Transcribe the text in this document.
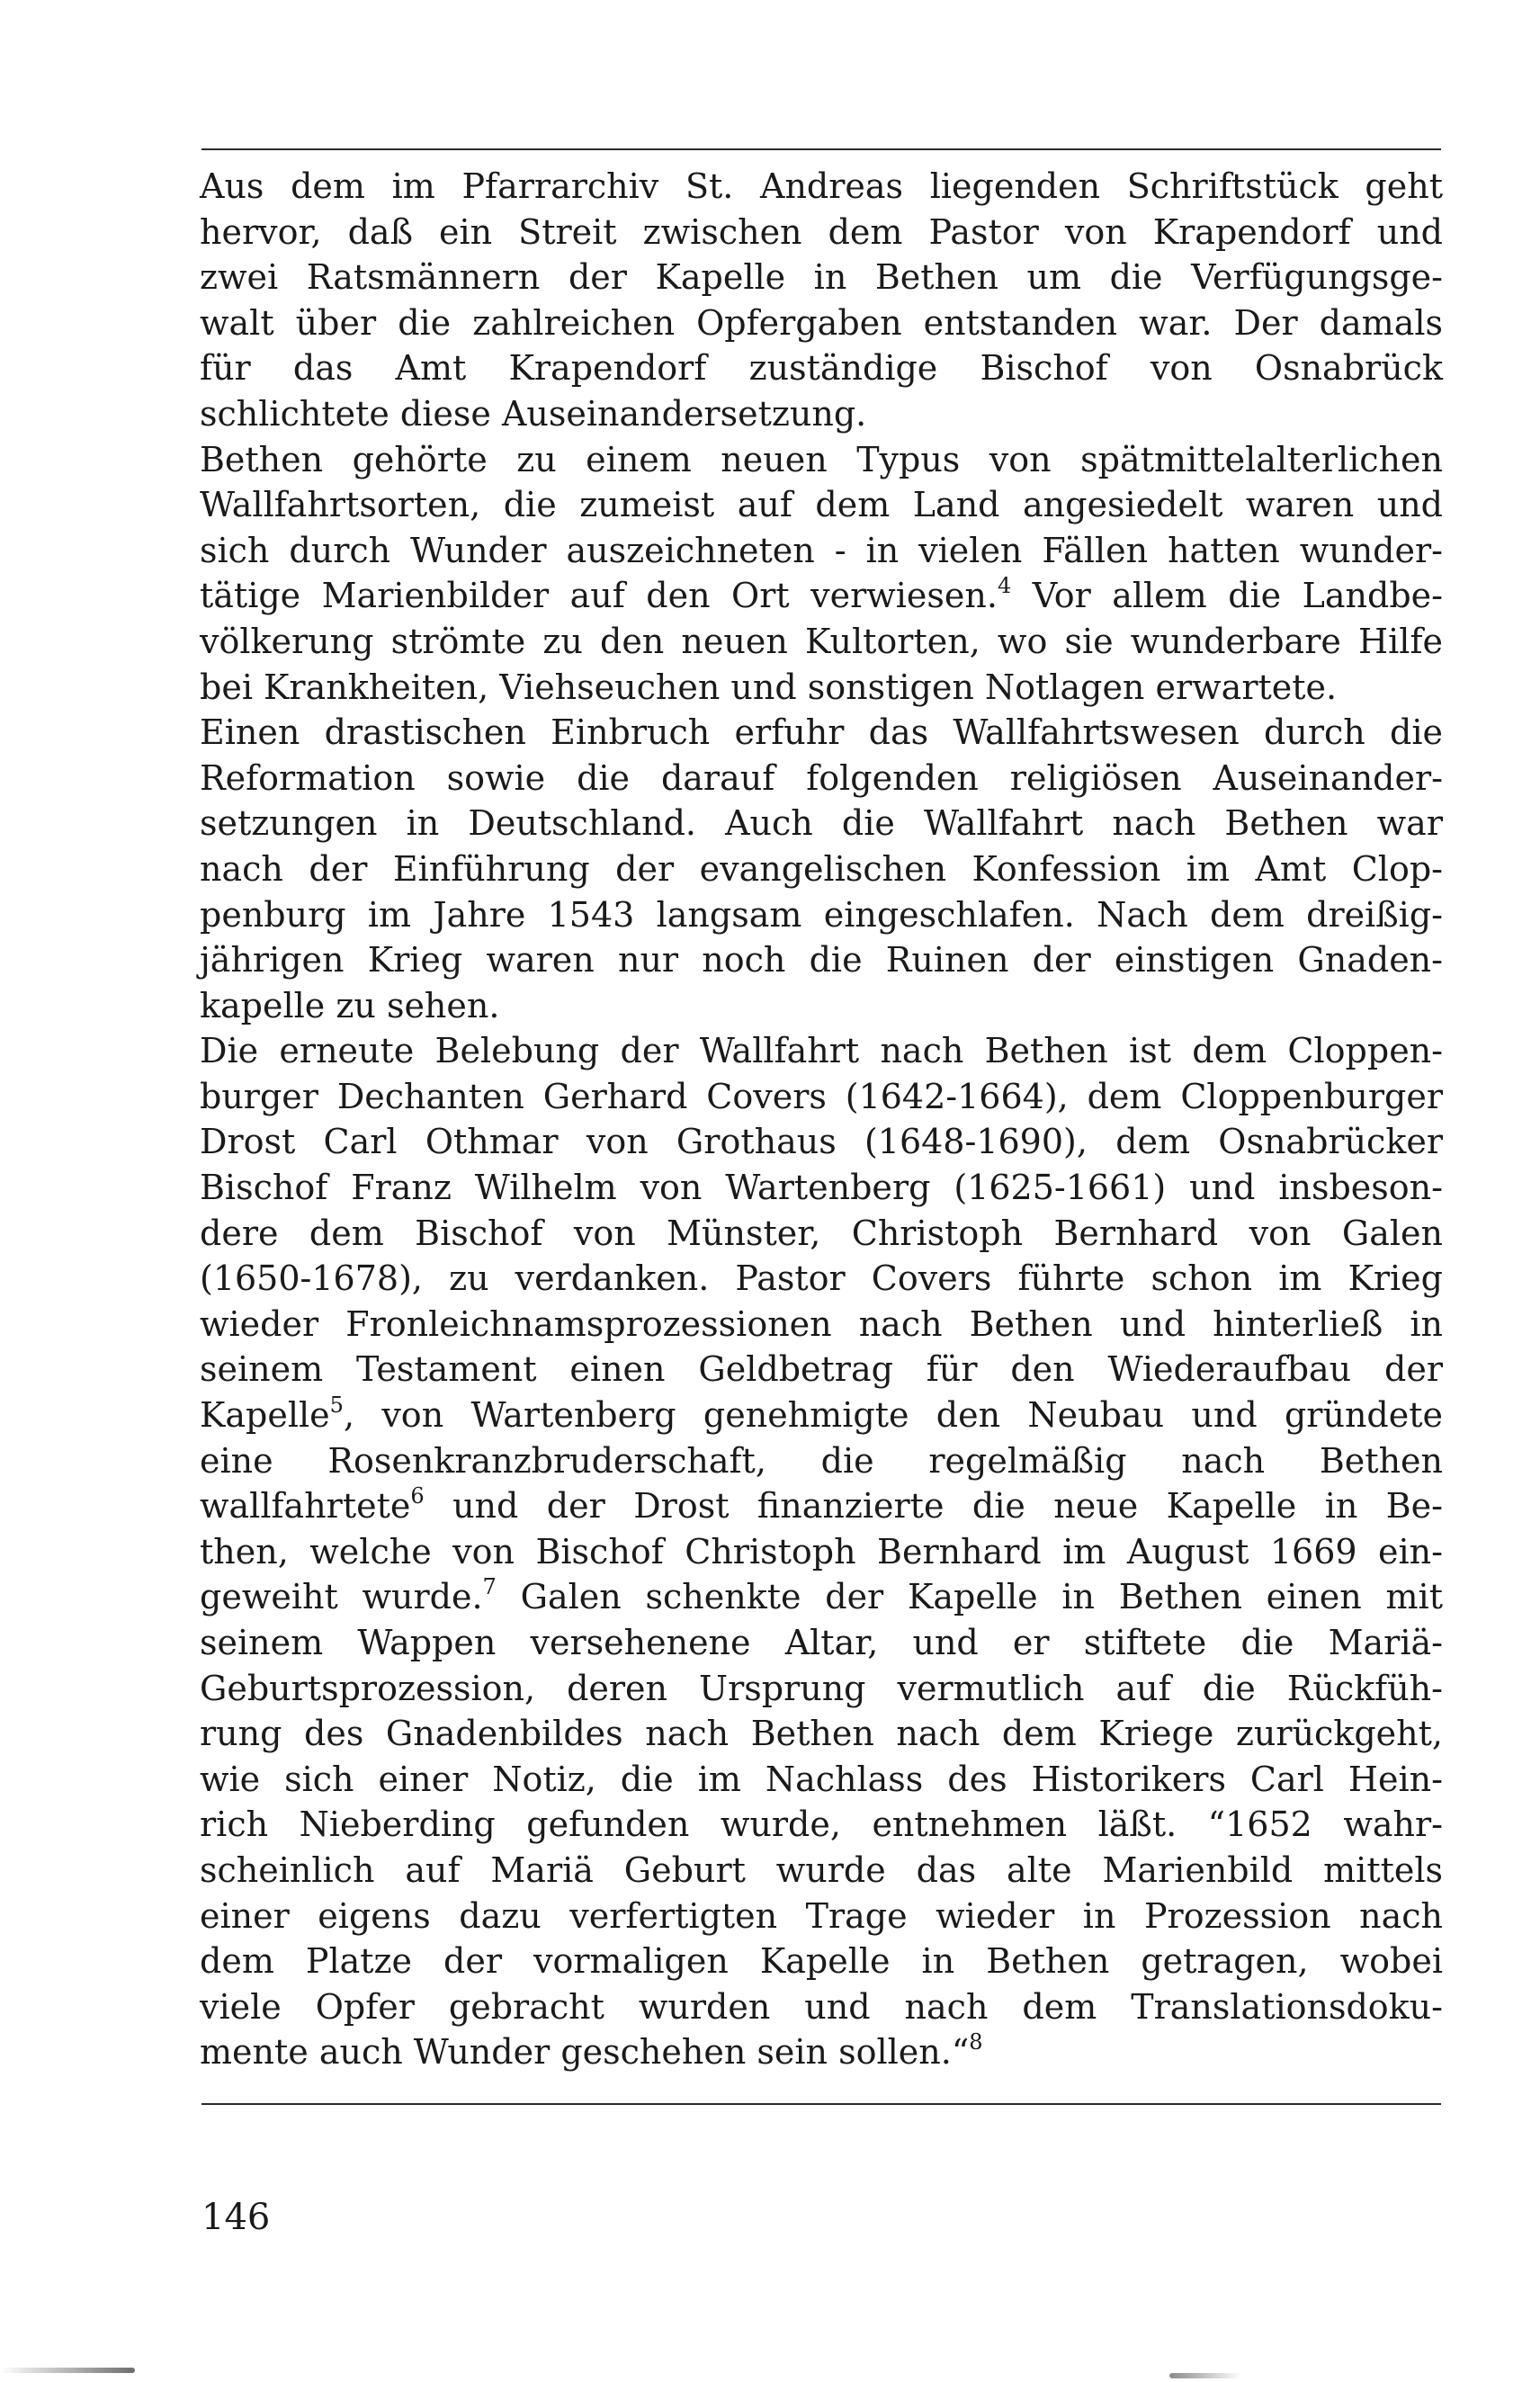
Aus dem im Pfarrarchiv St. Andreas liegenden Schriftstück geht
hervor, daß ein Streit zwischen dem Pastor von Krapendorf und
zwei Ratsmännern der Kapelle in Bethen um die Verfügungsge-
walt über die zahlreichen Opfergaben entstanden war. Der damals
für das Amt Krapendorf zuständige Bischof von Osnabrück
schlichtete diese Auseinandersetzung.
Bethen gehörte zu einem neuen Typus von spätmittelalterlichen
Wallfahrtsorten, die zumeist auf dem Land angesiedelt waren und
sich durch Wunder auszeichneten - in vielen Fällen hatten wunder-
tätige Marienbilder auf den Ort verwiesen.$^4$ Vor allem die Landbe-
völkerung strömte zu den neuen Kultorten, wo sie wunderbare Hilfe
bei Krankheiten, Viehseuchen und sonstigen Notlagen erwartete.
Einen drastischen Einbruch erfuhr das Wallfahrtswesen durch die
Reformation sowie die darauf folgenden religiösen Auseinander-
setzungen in Deutschland. Auch die Wallfahrt nach Bethen war
nach der Einführung der evangelischen Konfession im Amt Clop-
penburg im Jahre 1543 langsam eingeschlafen. Nach dem dreißig-
jährigen Krieg waren nur noch die Ruinen der einstigen Gnaden-
kapelle zu sehen.
Die erneute Belebung der Wallfahrt nach Bethen ist dem Cloppen-
burger Dechanten Gerhard Covers (1642-1664), dem Cloppenburger
Drost Carl Othmar von Grothaus (1648-1690), dem Osnabrücker
Bischof Franz Wilhelm von Wartenberg (1625-1661) und insbeson-
dere dem Bischof von Münster, Christoph Bernhard von Galen
(1650-1678), zu verdanken. Pastor Covers führte schon im Krieg
wieder Fronleichnamsprozessionen nach Bethen und hinterließ in
seinem Testament einen Geldbetrag für den Wiederaufbau der
Kapelle$^5$, von Wartenberg genehmigte den Neubau und gründete
eine Rosenkranzbruderschaft, die regelmäßig nach Bethen
wallfahrtete$^6$ und der Drost finanzierte die neue Kapelle in Be-
then, welche von Bischof Christoph Bernhard im August 1669 ein-
geweiht wurde.$^7$ Galen schenkte der Kapelle in Bethen einen mit
seinem Wappen versehenene Altar, und er stiftete die Mariä-
Geburtsprozession, deren Ursprung vermutlich auf die Rückfüh-
rung des Gnadenbildes nach Bethen nach dem Kriege zurückgeht,
wie sich einer Notiz, die im Nachlass des Historikers Carl Hein-
rich Nieberding gefunden wurde, entnehmen läßt. “1652 wahr-
scheinlich auf Mariä Geburt wurde das alte Marienbild mittels
einer eigens dazu verfertigten Trage wieder in Prozession nach
dem Platze der vormaligen Kapelle in Bethen getragen, wobei
viele Opfer gebracht wurden und nach dem Translationsdoku-
mente auch Wunder geschehen sein sollen.“$^8$
146
